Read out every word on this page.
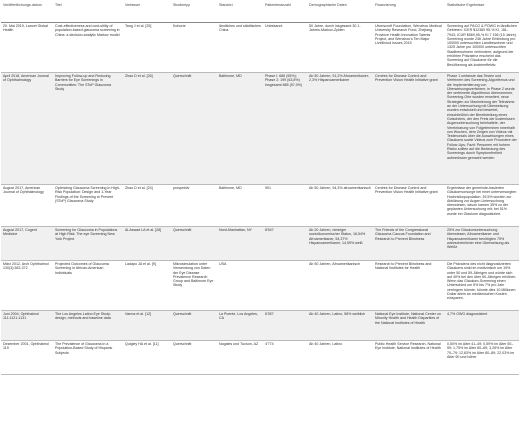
Veröffentlichungs-datum	Titel	Verfasser	Studientyp	Standort	Patientenanzahl	Demographische Daten	Finanzierung	Statistische Ergebnisse
20. Mai 2019, Lancet Global Health	Cost-effectiveness and cost-utility of population-based glaucoma screening in China: a decision-analytic Markov model	Tang J et al. [25]	Kohorte	ländliches und städtisches China	Unbekannt	50 Jahre, durch insgesamt 30 1-Jahres-Markov-Zyklen	Ulverscroft Foundation, Wenzhou Medical University Research Fund, Zhejiang Province Health Innovation Talents Project, and Wenzhou's Ten Major Livelihood Issues 2015	Screening auf PACG & POWG in ländlichen Gebieten: ICER $12360 95-% KI, -58–7943; ICUR $569,95-% KI 7 156 (15 Jahre). Screening wurde 246 Jahre Erblindung pro 100000 untersuchten Landbewohner und 1325 Jahre pro 100000 untersuchten Stadtbewohnern verhindern; aufgrund der erhöhten Prävalenz erscheint das Screening auf Glaukome für die Bevölkerung als kosteneffektiv.
April 2018, American Journal of Ophthalmology	Improving Follow-up and Reducing Barriers for Eye Screenings in Communities: The SToP Glaucoma Study	Zhao D et al. [26]	Querschnitt	Baltimore, MD	Phase I: 686 (55%); Phase 2: 199 (63,8%) Insgesamt 885 (57,0%)	Ab 50 Jahren, 91,2% Afroamerikaner; 2,3% Hispanoamerikaner	Centres for Disease Control and Prevention Vision Health Initiative grant	Phase 1 umfasste das Testen und Verfeinern des Screening-Algorithmus und die Implementierung von Überweisungsverfahren; in Phase 2 wurde der verfeinerte Algorithmus übernommen, Screening-Orte wurden erweitert, neue Strategien zur Maximierung der Teilnahme an der Untersuchung mit Überweisung wurden entwickelt und bewertet, einschließlich der Bereitstellung eines Gutscheins, der den Preis der kostenlosen Augenuntersuchung beinhaltete, der Vereinbarung von Folgeterminen innerhalb von Wochen, dem Zeigen von Videos mit Testimonials über die Auswirkungen eines Glaukoms sowie Videos zum Procedere der Follow-Ups; Fazit: Personen mit hohem Risiko sollten auf die Bedeutung des Screenings durch Symptomfreiheit aufmerksam gemacht werden
August 2017, American Journal of Ophthalmology	Optimizing Glaucoma Screening in High-Risk Population: Design and 1-Year Findings of the Screening to Prevent (SToP) Glaucoma Study	Zhao D et al. [24]	prospektiv	Baltimore, MD	901	Ab 50 Jahren, 94,3% afroamerikanisch	Centres for Disease Control and Prevention Vision Health Initiative grant	Ergebnisse der gemeinde-basierten Glaukomvorsorge bei einer unterversorgten Hochrisikopopulation: 39,5% wurden zur Abklärung zur Augen-Untersuchung überwiesen, davon kamen 35% zu der geplanten Untersuchung mit; bei 51% wurde ein Glaukom diagnostiziert.
August 2017, Cogent Medicine	Screening for Glaucoma in Populations at High Risk: The eye Screening New York Project	Al-Aswad LA et al. [28]	Querschnitt	Nord-Manhattan, NY	8'547	Ab 20 Jahren, niedriger sozioökonomischer Status, 16,54% Afroamerikaner, 54,37% Hispanoamerikaner, 14,59% weiß	The Friends of the Congressional Glaucoma Caucus Foundation and Research to Prevent Blindness	25% zur Glaukomuntersuchung überwiesen; Afroamerikaner und Hispanoamerikaner benötigten 75% wahrscheinlicher eine Überweisung als Weiße
März 2012, Arch Ophthalmol 130(3):363-372	Projected Outcomes of Glaucoma Screening in African-American Individuals	Ladapo JA et al. [9]	Mikrosimulation unter Verwendung von Daten der Eye Disease Prevalence Research Group and Baltimore Eye Study	USA		Ab 50 Jahren, Afroamerikanisch	Research to Prevent Blindness and National Institutes for Health	Die Prävalenz des nicht diagnostizierten Glaukoms sinkt im medizinisch um 19% unter 50 und 59-Jährigen und würde sich auf 40% bei den über 60-Jährigen erhöhen. Wenn das Glaukom-Screening einen Unterschied um 6% bis 7% pro Jahr verringern könnte, könnte dies 10 Millionen Dollar allein an medizinischen Kosten einsparen.
Juni 2004, Ophthalmol 111:1121-1131	The Los Angeles Latino Eye Study: design, methods and baseline data	Varma et al. [12]	Querschnitt	La Puente, Los Angeles, CA	6'357	Ab 40 Jahren, Latino, 58% weiblich	National Eye Institute, National Center on Minority Health and Health Disparities of the National Institutes of Health	4,7% OWG diagnostiziert
Dezember 2001, Ophthalmol 119	The Prevalence of Glaucoma in a Population-Based Study of Hispanic Subjects	Quigley HA et al. [11]	Querschnitt	Nogales und Tucson, AZ	4'774	Ab 40 Jahren, Latino	Public Health Service Research, National Eye Institute, National Institutes of Health	0,50% im Alter 41–49; 0,59% im Alter 50–59; 1,75% im Alter 60–69; 3,26% im Alter 70–79; 12,63% im Alter 80–89; 22,03% im Alter 90 und höher
